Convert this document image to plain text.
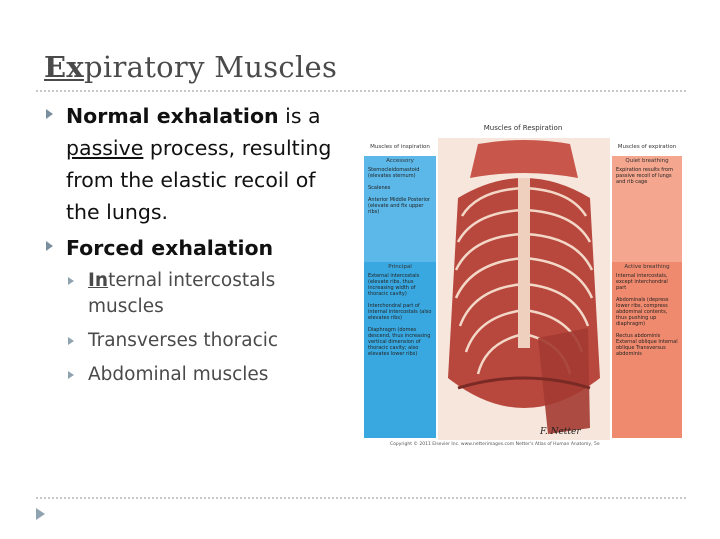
Expiratory Muscles
Normal exhalation is a passive process, resulting from the elastic recoil of the lungs.
Forced exhalation
Internal intercostals muscles
Transverses thoracic
Abdominal muscles
Muscles of Respiration
Muscles of inspiration
Accessory
Sternocleidomastoid (elevates sternum)
Scalenes
Anterior Middle Posterior (elevate and fix upper ribs)
Principal
External intercostals (elevate ribs, thus increasing width of thoracic cavity)
Interchondral part of internal intercostals (also elevates ribs)
Diaphragm (domes descend, thus increasing vertical dimension of thoracic cavity; also elevates lower ribs)
Muscles of expiration
Quiet breathing
Expiration results from passive recoil of lungs and rib cage
Active breathing
Internal intercostals, except interchondral part
Abdominals (depress lower ribs, compress abdominal contents, thus pushing up diaphragm)
Rectus abdominis External oblique Internal oblique Transversus abdominis
F. Netter
Copyright © 2011 Elsevier Inc. www.netterimages.com Netter's Atlas of Human Anatomy, 5e
